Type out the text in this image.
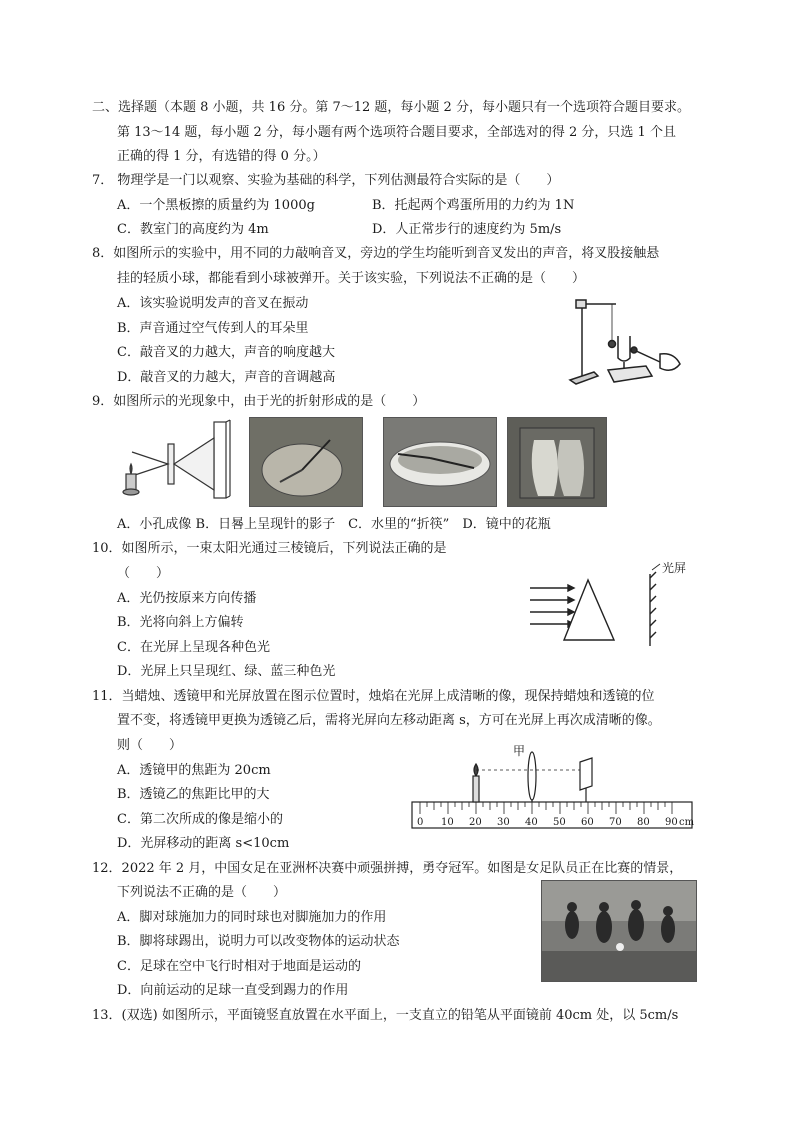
二、选择题（本题 8 小题，共 16 分。第 7～12 题，每小题 2 分，每小题只有一个选项符合题目要求。
第 13～14 题，每小题 2 分，每小题有两个选项符合题目要求，全部选对的得 2 分，只选 1 个且
正确的得 1 分，有选错的得 0 分。）
7． 物理学是一门以观察、实验为基础的科学，下列估测最符合实际的是（　　）
A．一个黑板擦的质量约为 1000g	B．托起两个鸡蛋所用的力约为 1N
C．教室门的高度约为 4m	D．人正常步行的速度约为 5m/s
8．如图所示的实验中，用不同的力敲响音叉，旁边的学生均能听到音叉发出的声音，将叉股接触悬
挂的轻质小球，都能看到小球被弹开。关于该实验，下列说法不正确的是（　　）
A．该实验说明发声的音叉在振动
B．声音通过空气传到人的耳朵里
C．敲音叉的力越大，声音的响度越大
D．敲音叉的力越大，声音的音调越高
9．如图所示的光现象中，由于光的折射形成的是（　　）
A．小孔成像 B．日晷上呈现针的影子　C．水里的“折筷”　D．镜中的花瓶
10．如图所示，一束太阳光通过三棱镜后，下列说法正确的是
（　　）
A．光仍按原来方向传播
B．光将向斜上方偏转
C．在光屏上呈现各种色光
D．光屏上只呈现红、绿、蓝三种色光
光屏
11．当蜡烛、透镜甲和光屏放置在图示位置时，烛焰在光屏上成清晰的像，现保持蜡烛和透镜的位
置不变，将透镜甲更换为透镜乙后，需将光屏向左移动距离 s，方可在光屏上再次成清晰的像。
则（　　）
A．透镜甲的焦距为 20cm
B．透镜乙的焦距比甲的大
C．第二次所成的像是缩小的
D．光屏移动的距离 s<10cm
甲
0 10 20 30 40 50 60 70 80 90 cm
12．2022 年 2 月，中国女足在亚洲杯决赛中顽强拼搏，勇夺冠军。如图是女足队员正在比赛的情景，
下列说法不正确的是（　　）
A．脚对球施加力的同时球也对脚施加力的作用
B．脚将球踢出，说明力可以改变物体的运动状态
C．足球在空中飞行时相对于地面是运动的
D．向前运动的足球一直受到踢力的作用
13．(双选) 如图所示，平面镜竖直放置在水平面上，一支直立的铅笔从平面镜前 40cm 处，以 5cm/s
